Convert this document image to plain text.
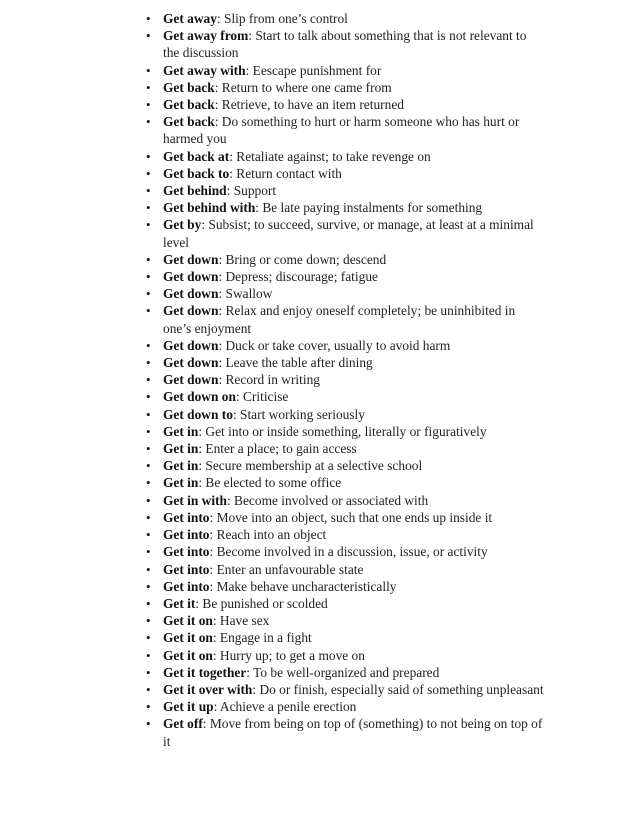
• Get away: Slip from one’s control
• Get away from: Start to talk about something that is not relevant to the discussion
• Get away with: Eescape punishment for
• Get back: Return to where one came from
• Get back: Retrieve, to have an item returned
• Get back: Do something to hurt or harm someone who has hurt or harmed you
• Get back at: Retaliate against; to take revenge on
• Get back to: Return contact with
• Get behind: Support
• Get behind with: Be late paying instalments for something
• Get by: Subsist; to succeed, survive, or manage, at least at a minimal level
• Get down: Bring or come down; descend
• Get down: Depress; discourage; fatigue
• Get down: Swallow
• Get down: Relax and enjoy oneself completely; be uninhibited in one’s enjoyment
• Get down: Duck or take cover, usually to avoid harm
• Get down: Leave the table after dining
• Get down: Record in writing
• Get down on: Criticise
• Get down to: Start working seriously
• Get in: Get into or inside something, literally or figuratively
• Get in: Enter a place; to gain access
• Get in: Secure membership at a selective school
• Get in: Be elected to some office
• Get in with: Become involved or associated with
• Get into: Move into an object, such that one ends up inside it
• Get into: Reach into an object
• Get into: Become involved in a discussion, issue, or activity
• Get into: Enter an unfavourable state
• Get into: Make behave uncharacteristically
• Get it: Be punished or scolded
• Get it on: Have sex
• Get it on: Engage in a fight
• Get it on: Hurry up; to get a move on
• Get it together: To be well-organized and prepared
• Get it over with: Do or finish, especially said of something unpleasant
• Get it up: Achieve a penile erection
• Get off: Move from being on top of (something) to not being on top of it
